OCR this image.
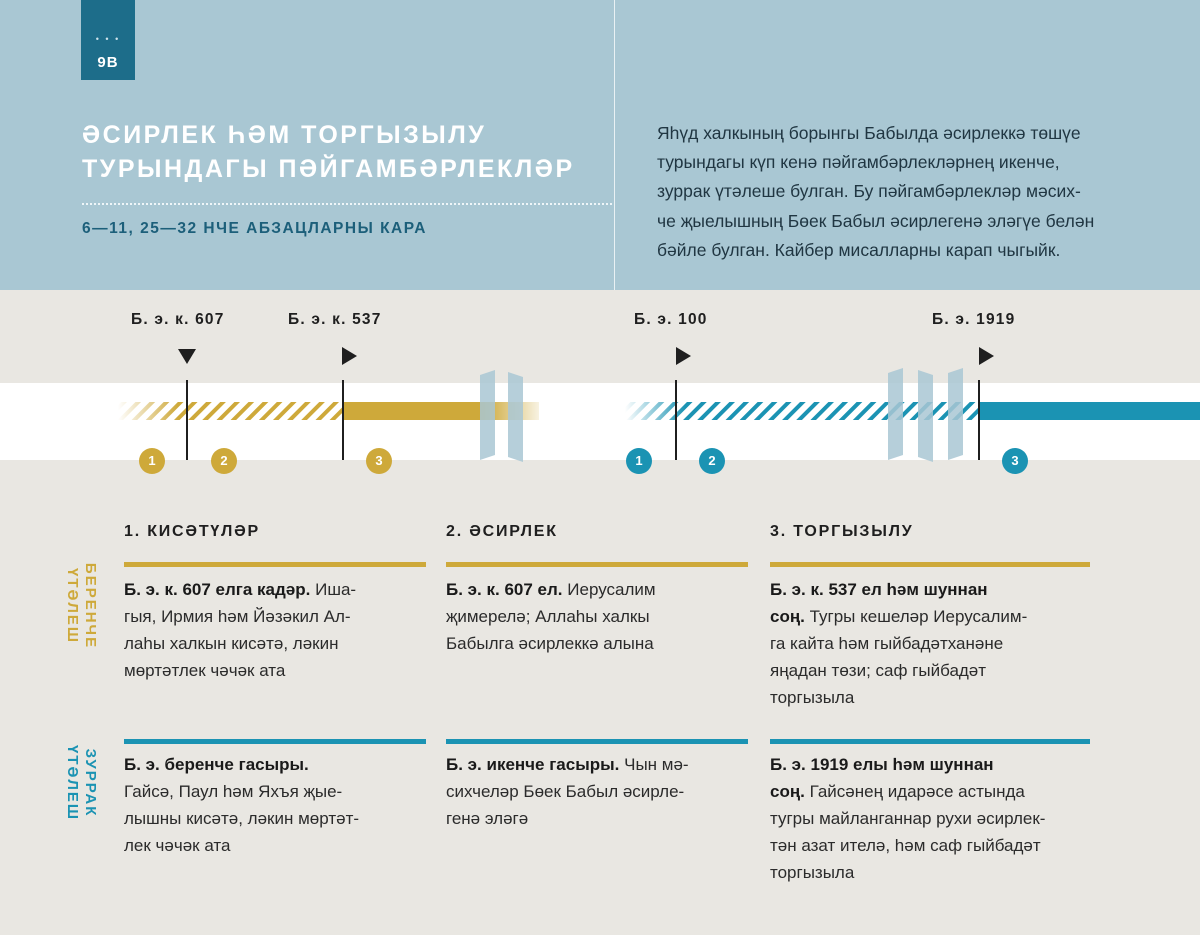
• • •
9B
ӘСИРЛЕК ҺӘМ ТОРГЫЗЫЛУ
ТУРЫНДАГЫ ПӘЙГАМБӘРЛЕКЛӘР
6—11, 25—32 НЧЕ АБЗАЦЛАРНЫ КАРА

Яһүд халкының борынгы Бабылда әсирлеккә төшүе
турындагы күп кенә пәйгамбәрлекләрнең икенче,
зуррак үтәлеше булган. Бу пәйгамбәрлекләр мәсих-
че җыелышның Бөек Бабыл әсирлегенә эләгүе белән
бәйле булган. Кайбер мисалларны карап чыгыйк.

Б. э. к. 607	Б. э. к. 537	Б. э. 100	Б. э. 1919
1	2	3	1	2	3
1. КИСӘТҮЛӘР	2. ӘСИРЛЕК	3. ТОРГЫЗЫЛУ
БЕРЕНЧЕ
ҮТӘЛЕШ
ЗУРРАК
ҮТӘЛЕШ

Б. э. к. 607 елга кадәр. Иша-
гыя, Ирмия һәм Йәзәкил Ал-
лаһы халкын кисәтә, ләкин
мөртәтлек чәчәк ата

Б. э. к. 607 ел. Иерусалим
җимерелә; Аллаһы халкы
Бабылга әсирлеккә алына

Б. э. к. 537 ел һәм шуннан
соң. Тугры кешеләр Иерусалим-
га кайта һәм гыйбадәтханәне
яңадан төзи; саф гыйбадәт
торгызыла

Б. э. беренче гасыры.
Гайсә, Паул һәм Яхъя җые-
лышны кисәтә, ләкин мөртәт-
лек чәчәк ата

Б. э. икенче гасыры. Чын мә-
сихчеләр Бөек Бабыл әсирле-
генә эләгә

Б. э. 1919 елы һәм шуннан
соң. Гайсәнең идарәсе астында
тугры майланганнар рухи әсирлек-
тән азат ителә, һәм саф гыйбадәт
торгызыла
